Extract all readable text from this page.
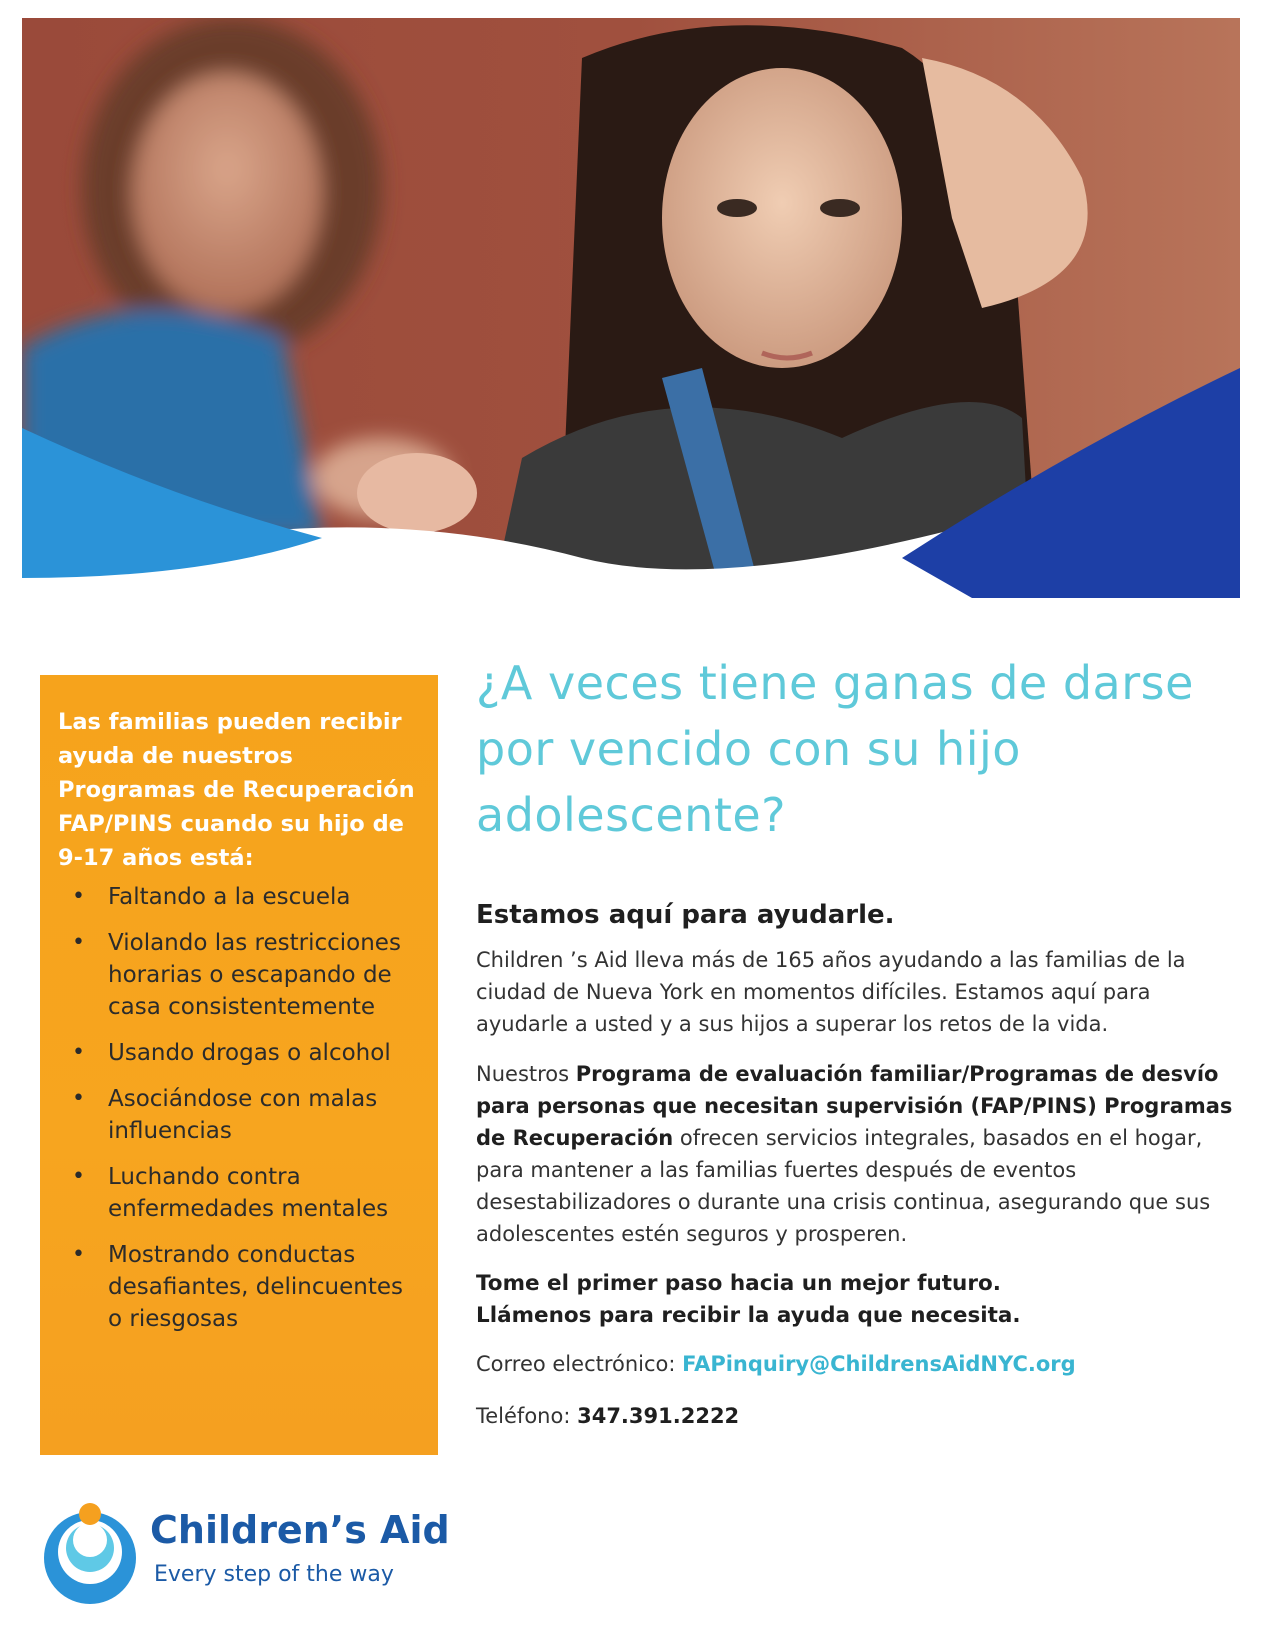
Las familias pueden recibir ayuda de nuestros Programas de Recuperación FAP/PINS cuando su hijo de 9-17 años está:

• Faltando a la escuela
• Violando las restricciones horarias o escapando de casa consistentemente
• Usando drogas o alcohol
• Asociándose con malas influencias
• Luchando contra enfermedades mentales
• Mostrando conductas desafiantes, delincuentes o riesgosas
¿A veces tiene ganas de darse por vencido con su hijo adolescente?
Estamos aquí para ayudarle.

Children ’s Aid lleva más de 165 años ayudando a las familias de la ciudad de Nueva York en momentos difíciles. Estamos aquí para ayudarle a usted y a sus hijos a superar los retos de la vida.

Nuestros Programa de evaluación familiar/Programas de desvío para personas que necesitan supervisión (FAP/PINS) Programas de Recuperación ofrecen servicios integrales, basados en el hogar, para mantener a las familias fuertes después de eventos desestabilizadores o durante una crisis continua, asegurando que sus adolescentes estén seguros y prosperen.

Tome el primer paso hacia un mejor futuro.
Llámenos para recibir la ayuda que necesita.

Correo electrónico: FAPinquiry@ChildrensAidNYC.org

Teléfono: 347.391.2222

Children’s Aid
Every step of the way
